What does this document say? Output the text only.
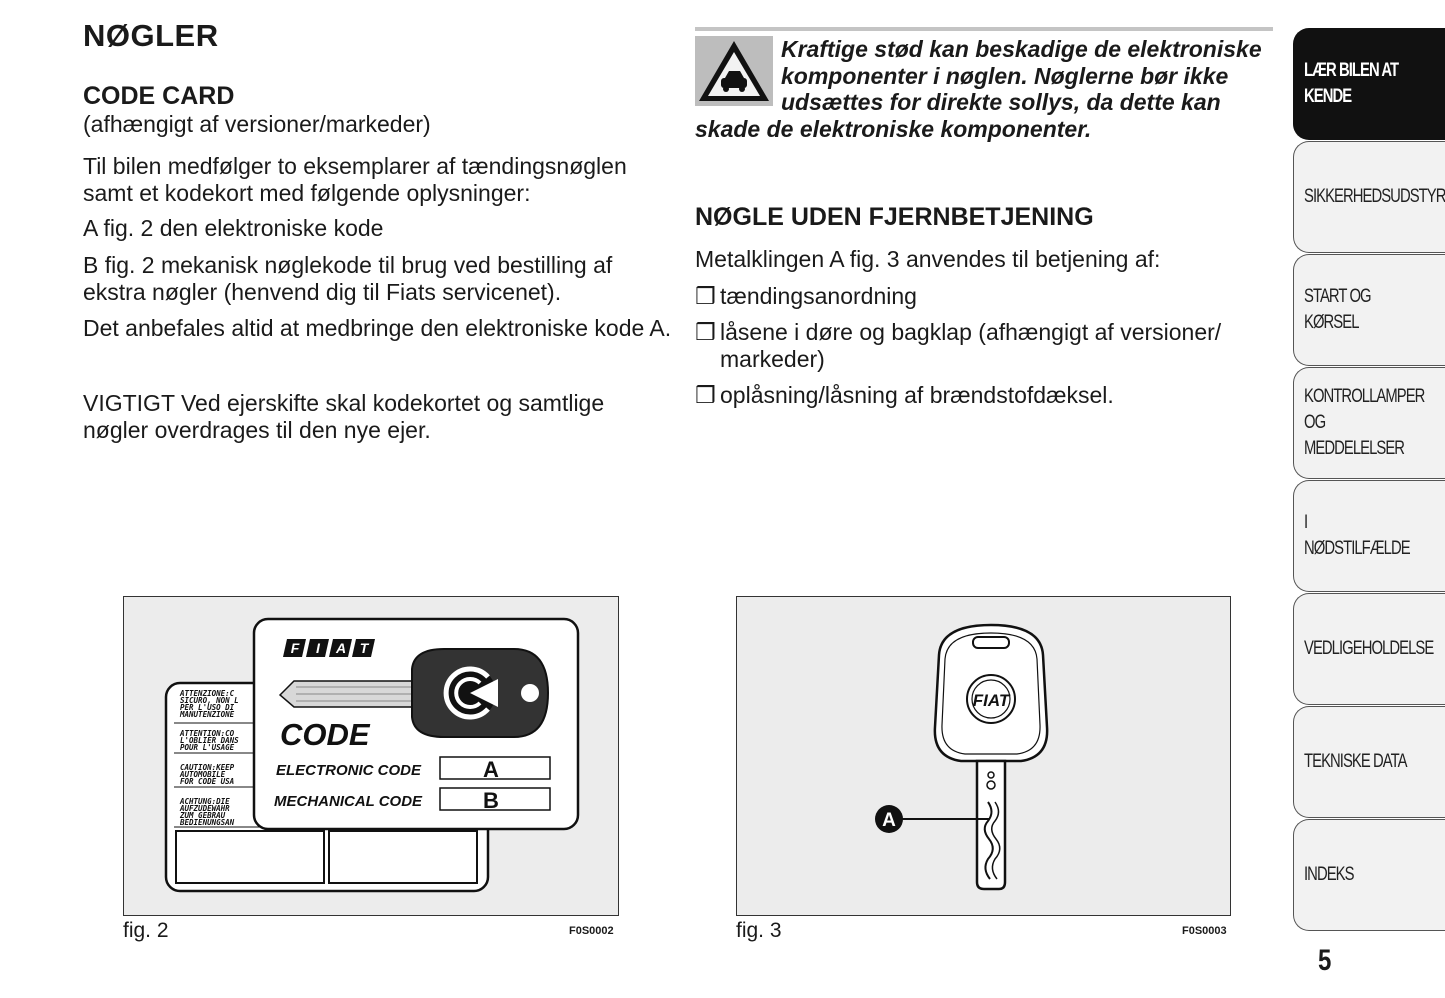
NØGLER
CODE CARD
(afhængigt af versioner/markeder)
Til bilen medfølger to eksemplarer af tændingsnøglen samt et kodekort med følgende oplysninger:
A fig. 2 den elektroniske kode
B fig. 2 mekanisk nøglekode til brug ved bestilling af ekstra nøgler (henvend dig til Fiats servicenet).
Det anbefales altid at medbringe den elektroniske kode A.
VIGTIGT Ved ejerskifte skal kodekortet og samtlige nøgler overdrages til den nye ejer.
Kraftige stød kan beskadige de elektroniske komponenter i nøglen. Nøglerne bør ikke udsættes for direkte sollys, da dette kan skade de elektroniske komponenter.
NØGLE UDEN FJERNBETJENING
Metalklingen A fig. 3 anvendes til betjening af:
❒ tændingsanordning
❒ låsene i døre og bagklap (afhængigt af versioner/ markeder)
❒ oplåsning/låsning af brændstofdæksel.
ATTENZIONE:C
SICURO, NON L
PER L'USO DI
MANUTENZIONE
ATTENTION:CO
L'OBLIER DANS
POUR L'USAGE
CAUTION:KEEP
AUTOMOBILE
FOR CODE USA
ACHTUNG:DIE
AUFZUDEWAHR
ZUM GEBRAU
BEDIENUNGSAN
F I A T
CODE
ELECTRONIC CODE
MECHANICAL CODE
A
B
fig. 2	F0S0002
FIAT
A
fig. 3	F0S0003
LÆR BILEN AT
KENDE
SIKKERHEDSUDSTYR
START OG KØRSEL
KONTROLLAMPER
OG MEDDELELSER
I NØDSTILFÆLDE
VEDLIGEHOLDELSE
TEKNISKE DATA
INDEKS
5
